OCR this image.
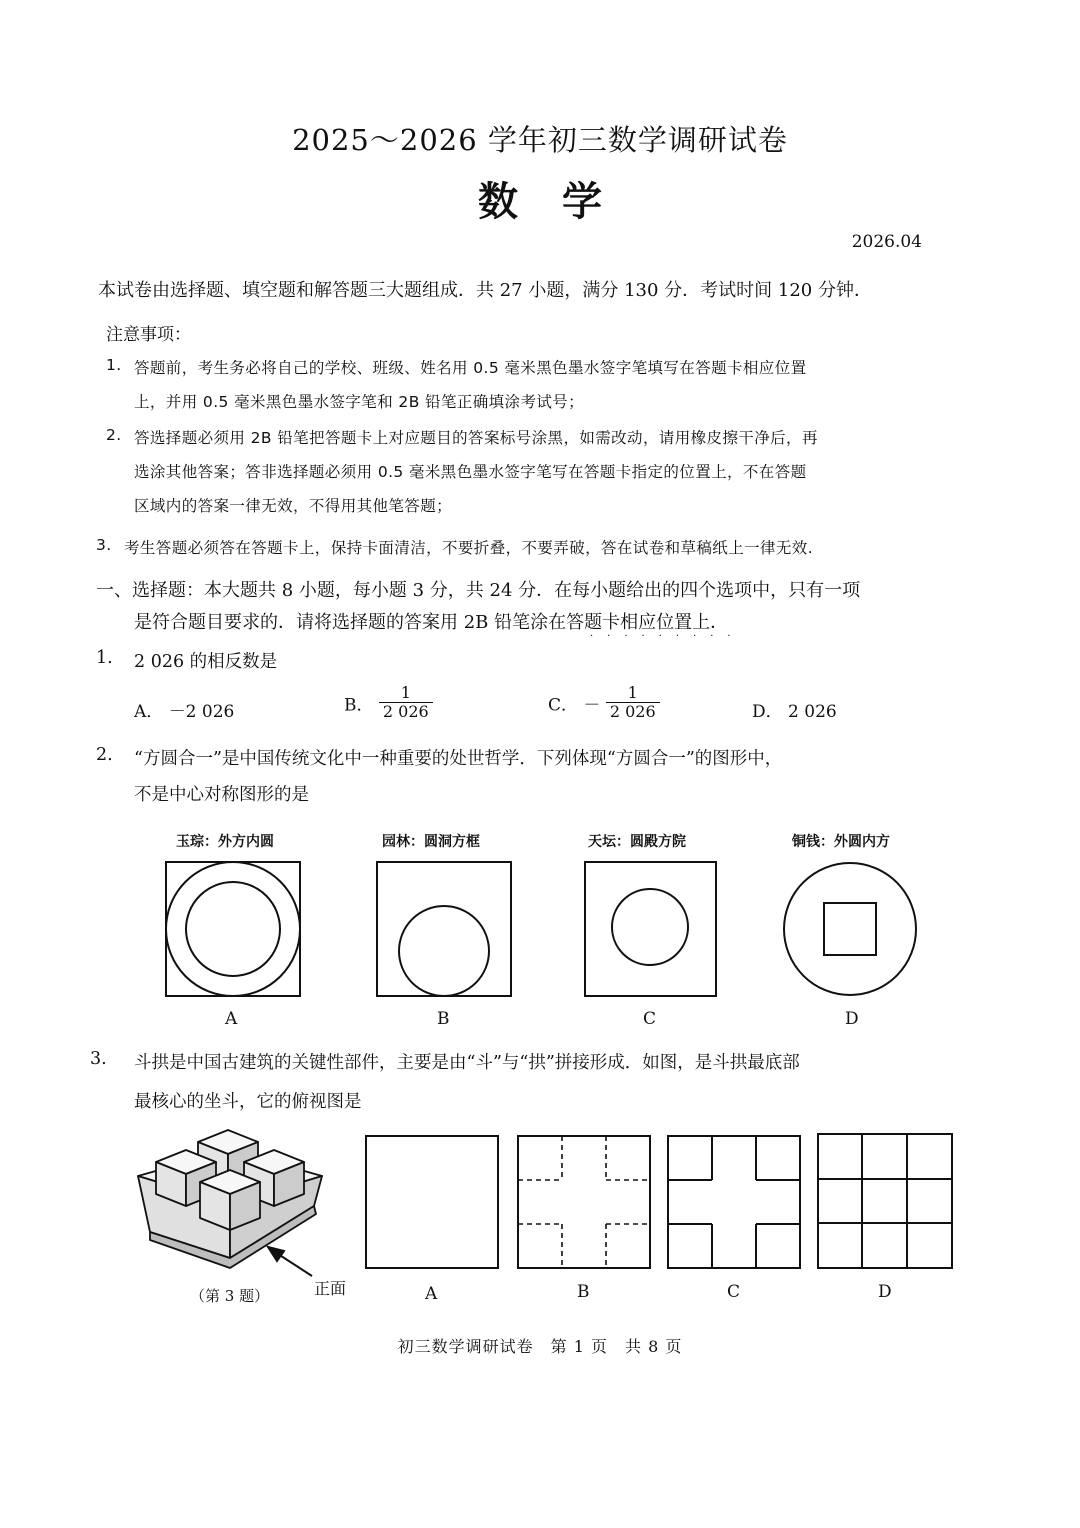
2025～2026 学年初三数学调研试卷
数学
2026.04
本试卷由选择题、填空题和解答题三大题组成．共 27 小题，满分 130 分．考试时间 120 分钟．
注意事项：
1. 答题前，考生务必将自己的学校、班级、姓名用 0.5 毫米黑色墨水签字笔填写在答题卡相应位置
上，并用 0.5 毫米黑色墨水签字笔和 2B 铅笔正确填涂考试号；
2. 答选择题必须用 2B 铅笔把答题卡上对应题目的答案标号涂黑，如需改动，请用橡皮擦干净后，再
选涂其他答案；答非选择题必须用 0.5 毫米黑色墨水签字笔写在答题卡指定的位置上，不在答题
区域内的答案一律无效，不得用其他笔答题；
3. 考生答题必须答在答题卡上，保持卡面清洁，不要折叠，不要弄破，答在试卷和草稿纸上一律无效.
一、选择题：本大题共 8 小题，每小题 3 分，共 24 分．在每小题给出的四个选项中，只有一项
是符合题目要求的．请将选择题的答案用 2B 铅笔涂在答题卡相应位置上．
·········
1. 2 026 的相反数是
A． －2 026	B． $\frac{1}{2 026}$	C． － $\frac{1}{2 026}$	D． 2 026
2. “方圆合一”是中国传统文化中一种重要的处世哲学．下列体现“方圆合一”的图形中，
不是中心对称图形的是
玉琮：外方内圆	园林：圆洞方框	天坛：圆殿方院	铜钱：外圆内方
A	B	C	D
3. 斗拱是中国古建筑的关键性部件，主要是由“斗”与“拱”拼接形成．如图，是斗拱最底部
最核心的坐斗，它的俯视图是
（第 3 题）	正面	A	B	C	D
初三数学调研试卷　第 1 页　共 8 页
